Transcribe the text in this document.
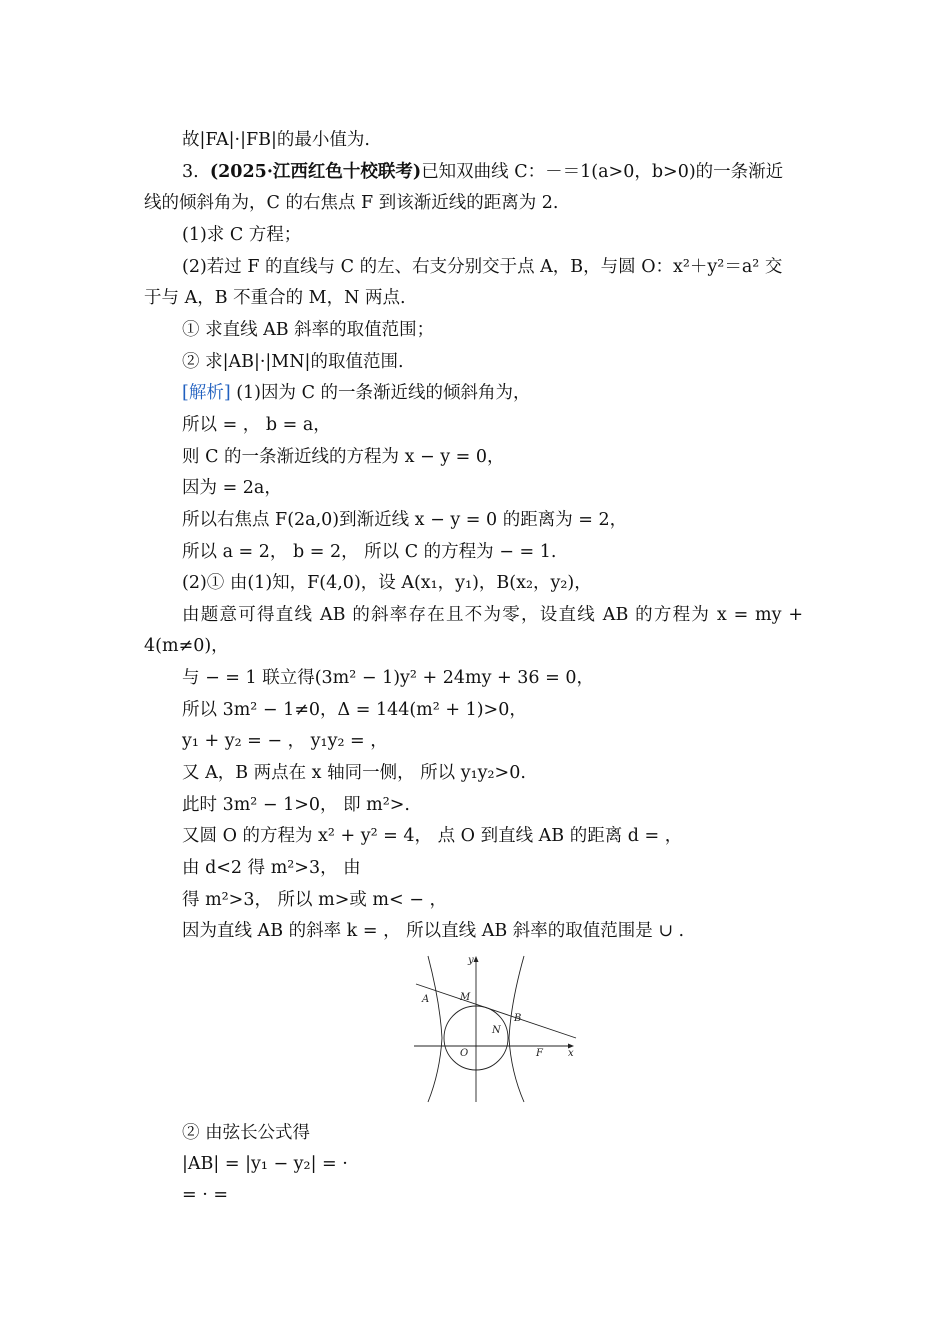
故|FA|·|FB|的最小值为.
3.  (2025·江西红色十校联考)已知双曲线 C：－＝1(a>0，b>0)的一条渐近
线的倾斜角为，C 的右焦点 F 到该渐近线的距离为 2.
(1)求 C 方程；
(2)若过 F 的直线与 C 的左、右支分别交于点 A，B，与圆 O：x²＋y²＝a² 交
于与 A，B 不重合的 M，N 两点.
① 求直线 AB 斜率的取值范围；
② 求|AB|·|MN|的取值范围.
[解析] (1)因为 C 的一条渐近线的倾斜角为，
所以 = ， b = a，
则 C 的一条渐近线的方程为 x − y = 0，
因为 = 2a，
所以右焦点 F(2a,0)到渐近线 x − y = 0 的距离为 = 2，
所以 a = 2， b = 2， 所以 C 的方程为 − = 1.
(2)① 由(1)知，F(4,0)，设 A(x₁，y₁)，B(x₂，y₂)，
由题意可得直线 AB 的斜率存在且不为零，设直线 AB 的方程为 x = my +
4(m≠0)，
与 − = 1 联立得(3m² − 1)y² + 24my + 36 = 0，
所以 3m² − 1≠0，Δ = 144(m² + 1)>0，
y₁ + y₂ = − ， y₁y₂ = ，
又 A，B 两点在 x 轴同一侧， 所以 y₁y₂>0.
此时 3m² − 1>0， 即 m²>.
又圆 O 的方程为 x² + y² = 4， 点 O 到直线 AB 的距离 d = ，
由 d<2 得 m²>3， 由
得 m²>3， 所以 m>或 m< − ，
因为直线 AB 的斜率 k = ， 所以直线 AB 斜率的取值范围是 ∪ .
y
x
A	M
B
N
O	F
② 由弦长公式得
|AB| = |y₁ − y₂| = ·
= · =
